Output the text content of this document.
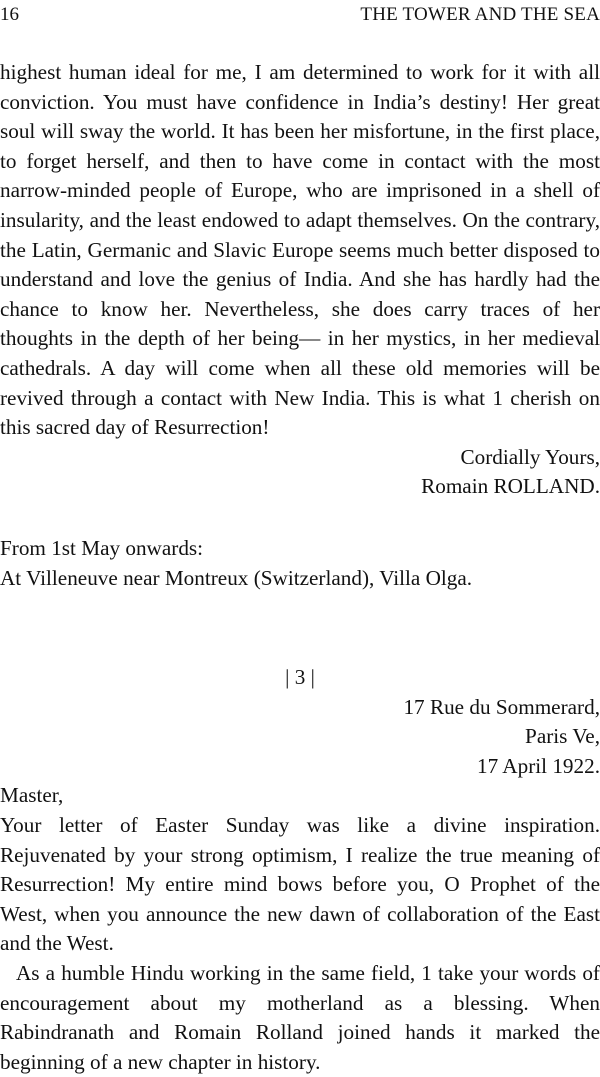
16	THE TOWER AND THE SEA

highest human ideal for me, I am determined to work for it with all conviction. You must have confidence in India’s destiny! Her great soul will sway the world. It has been her misfortune, in the first place, to forget herself, and then to have come in contact with the most narrow-minded people of Europe, who are imprisoned in a shell of insularity, and the least endowed to adapt themselves. On the contrary, the Latin, Germanic and Slavic Europe seems much better disposed to understand and love the genius of India. And she has hardly had the chance to know her. Nevertheless, she does carry traces of her thoughts in the depth of her being— in her mystics, in her medieval cathedrals. A day will come when all these old memories will be revived through a contact with New India. This is what 1 cherish on this sacred day of Resurrection!

Cordially Yours,

Romain ROLLAND.

From 1st May onwards:

At Villeneuve near Montreux (Switzerland), Villa Olga.

| 3 |

17 Rue du Sommerard,

Paris Ve,

17 April 1922.

Master,

Your letter of Easter Sunday was like a divine inspiration. Rejuvenated by your strong optimism, I realize the true meaning of Resurrection! My entire mind bows before you, O Prophet of the West, when you announce the new dawn of collaboration of the East and the West.

As a humble Hindu working in the same field, 1 take your words of encouragement about my motherland as a blessing. When Rabindranath and Romain Rolland joined hands it marked the beginning of a new chapter in history.
